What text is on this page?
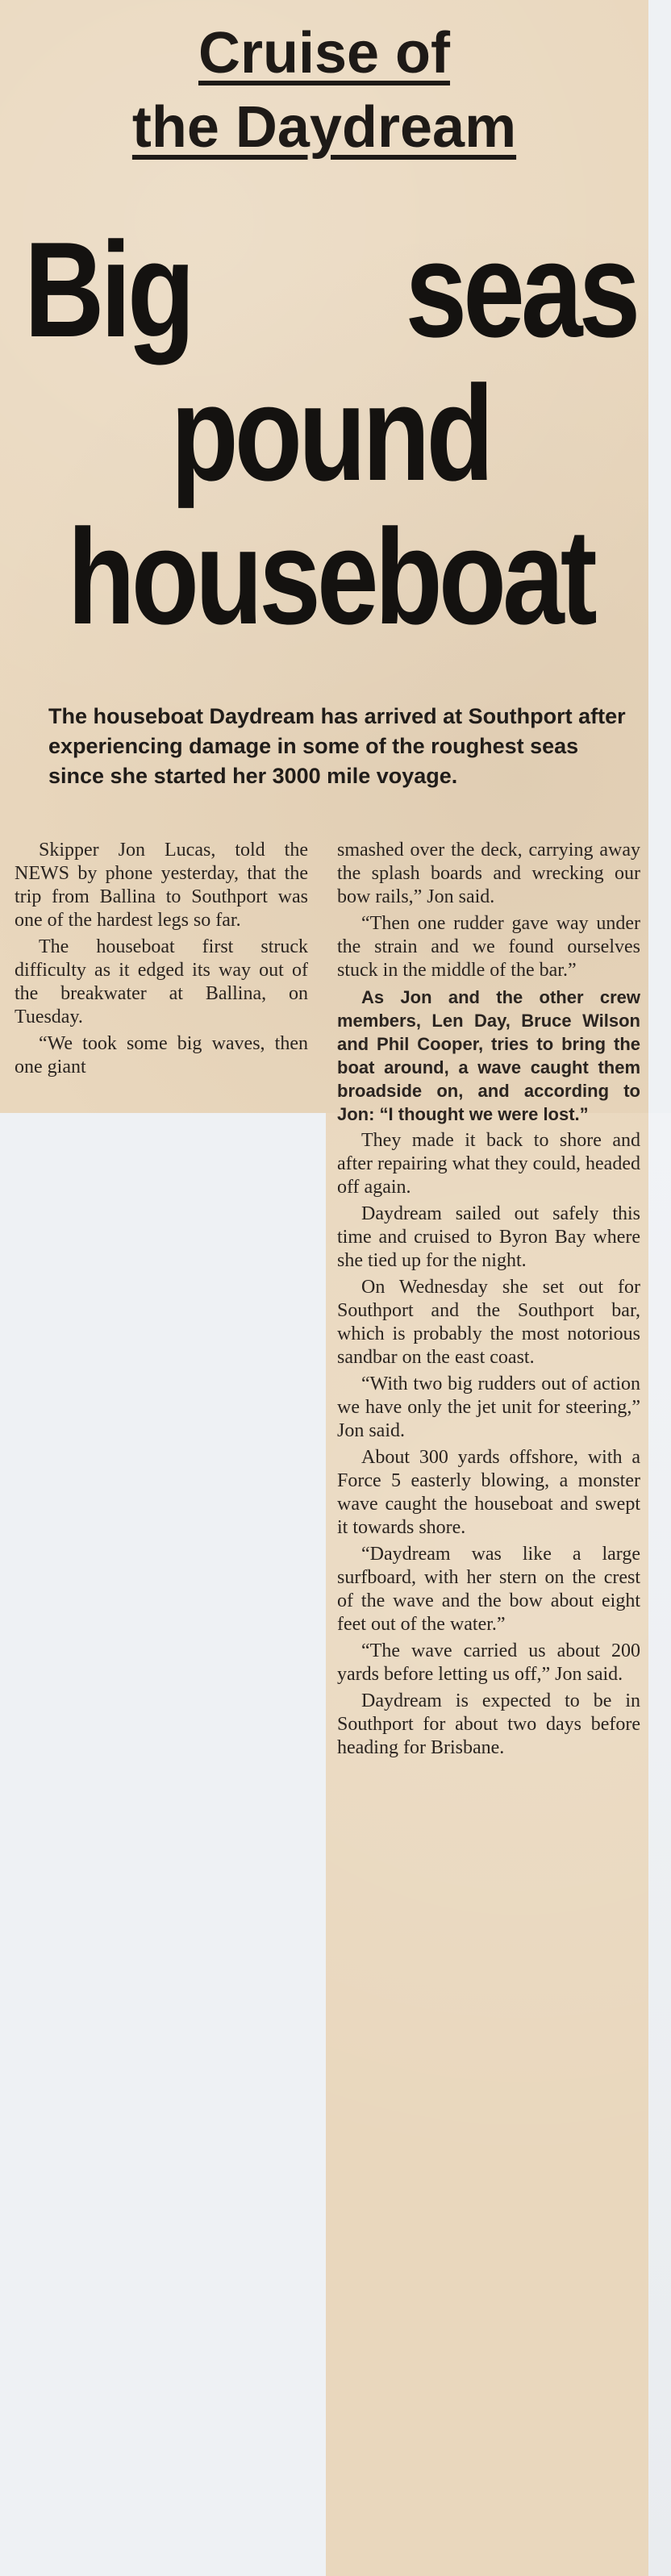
Cruise of
the Daydream
Big seas
pound
houseboat
The houseboat Daydream has arrived at Southport after experiencing damage in some of the roughest seas since she started her 3000 mile voyage.

Skipper Jon Lucas, told the NEWS by phone yesterday, that the trip from Ballina to Southport was one of the hardest legs so far.

The houseboat first struck difficulty as it edged its way out of the breakwater at Ballina, on Tuesday.

“We took some big waves, then one giant

smashed over the deck, carrying away the splash boards and wrecking our bow rails,” Jon said.

“Then one rudder gave way under the strain and we found ourselves stuck in the middle of the bar.”

As Jon and the other crew members, Len Day, Bruce Wilson and Phil Cooper, tries to bring the boat around, a wave caught them broadside on, and according to Jon: “I thought we were lost.”

They made it back to shore and after repairing what they could, headed off again.

Daydream sailed out safely this time and cruised to Byron Bay where she tied up for the night.

On Wednesday she set out for Southport and the Southport bar, which is probably the most notorious sandbar on the east coast.

“With two big rudders out of action we have only the jet unit for steering,” Jon said.

About 300 yards offshore, with a Force 5 easterly blowing, a monster wave caught the houseboat and swept it towards shore.

“Daydream was like a large surfboard, with her stern on the crest of the wave and the bow about eight feet out of the water.”

“The wave carried us about 200 yards before letting us off,” Jon said.

Daydream is expected to be in Southport for about two days before heading for Brisbane.
